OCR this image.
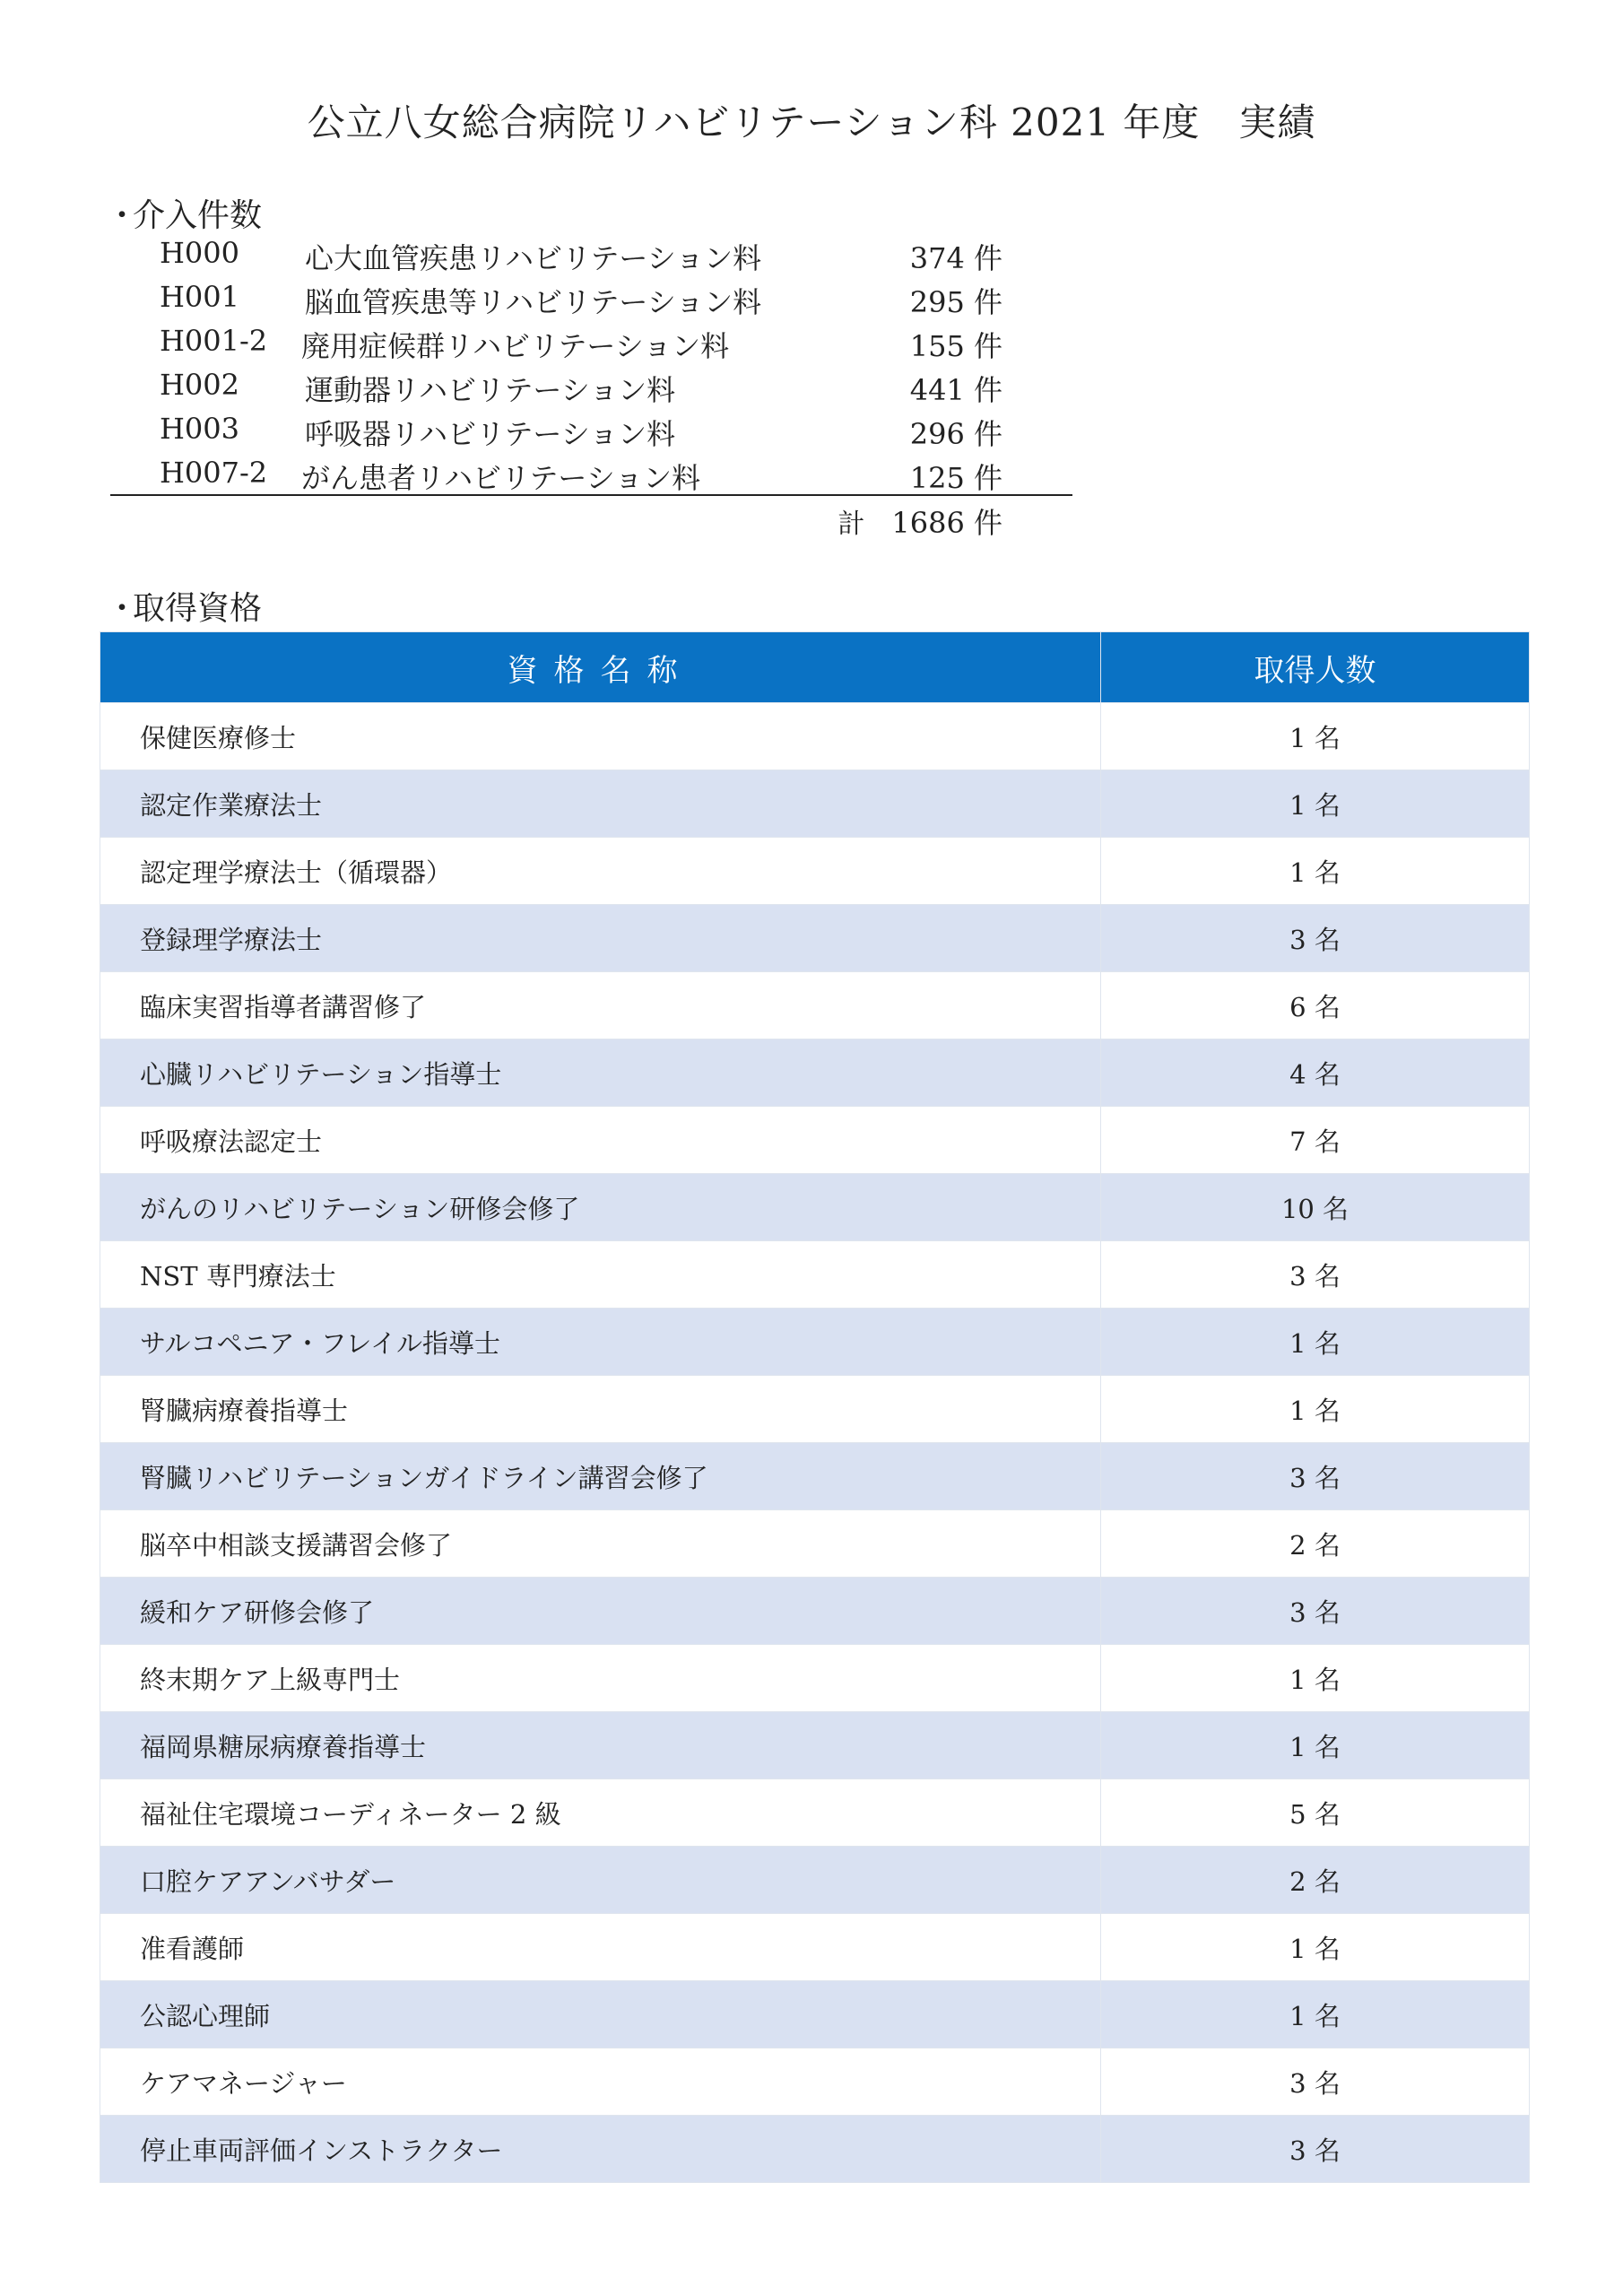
公立八女総合病院リハビリテーション科 2021 年度　実績
・介入件数
H000 心大血管疾患リハビリテーション料	374 件
H001 脳血管疾患等リハビリテーション料	295 件
H001-2 廃用症候群リハビリテーション料	155 件
H002 運動器リハビリテーション料	441 件
H003 呼吸器リハビリテーション料	296 件
H007-2 がん患者リハビリテーション料	125 件
計 1686 件
・取得資格
資格名称	取得人数
保健医療修士	1 名
認定作業療法士	1 名
認定理学療法士（循環器）	1 名
登録理学療法士	3 名
臨床実習指導者講習修了	6 名
心臓リハビリテーション指導士	4 名
呼吸療法認定士	7 名
がんのリハビリテーション研修会修了	10 名
NST 専門療法士	3 名
サルコペニア・フレイル指導士	1 名
腎臓病療養指導士	1 名
腎臓リハビリテーションガイドライン講習会修了	3 名
脳卒中相談支援講習会修了	2 名
緩和ケア研修会修了	3 名
終末期ケア上級専門士	1 名
福岡県糖尿病療養指導士	1 名
福祉住宅環境コーディネーター 2 級	5 名
口腔ケアアンバサダー	2 名
准看護師	1 名
公認心理師	1 名
ケアマネージャー	3 名
停止車両評価インストラクター	3 名
